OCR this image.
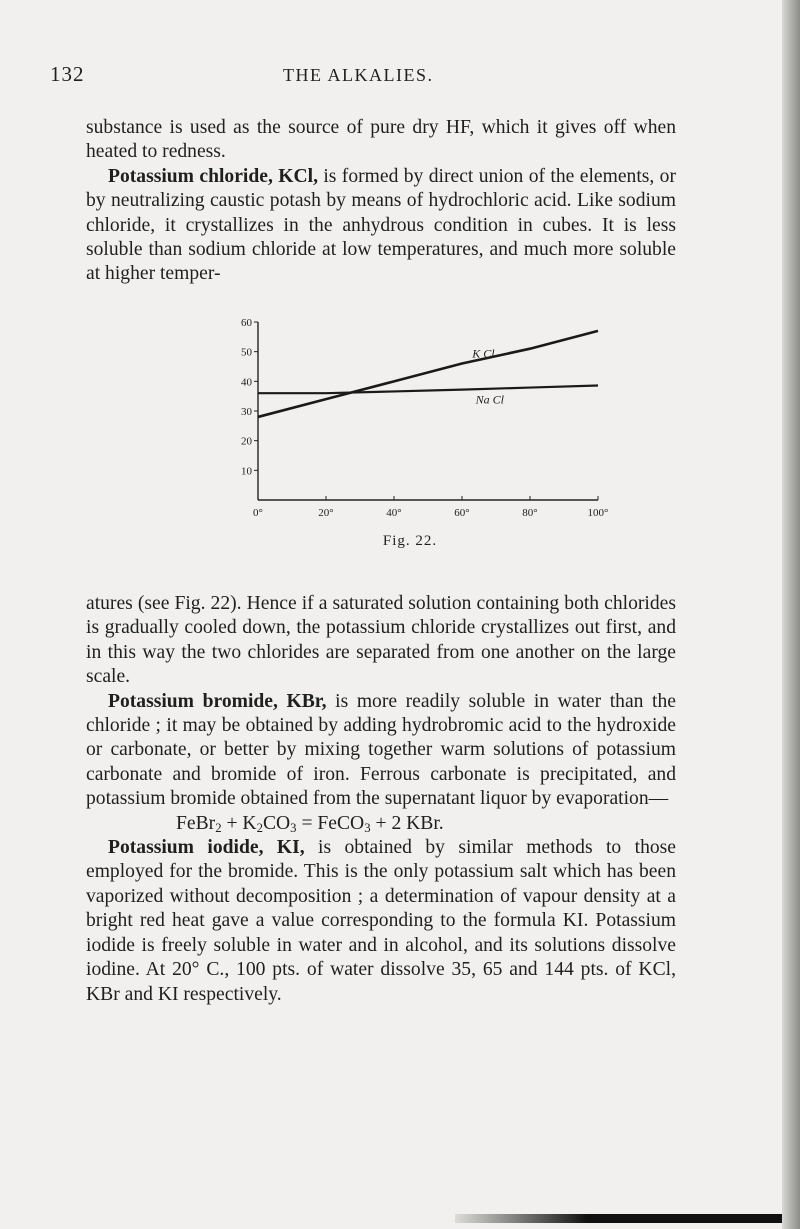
132	THE ALKALIES.

substance is used as the source of pure dry HF, which it gives off when heated to redness.

Potassium chloride, KCl, is formed by direct union of the elements, or by neutralizing caustic potash by means of hydrochloric acid. Like sodium chloride, it crystallizes in the anhydrous condition in cubes. It is less soluble than sodium chloride at low temperatures, and much more soluble at higher temper-

10
20
30
40
50
60
0°	20°	40°	60°	80°	100°
K Cl
Na Cl
Fig. 22.

atures (see Fig. 22). Hence if a saturated solution containing both chlorides is gradually cooled down, the potassium chloride crystallizes out first, and in this way the two chlorides are separated from one another on the large scale.

Potassium bromide, KBr, is more readily soluble in water than the chloride ; it may be obtained by adding hydrobromic acid to the hydroxide or carbonate, or better by mixing together warm solutions of potassium carbonate and bromide of iron. Ferrous carbonate is precipitated, and potassium bromide obtained from the supernatant liquor by evaporation—

FeBr$_2$ + $K_2CO_3$ = FeCO$_3$ + 2 KBr.

Potassium iodide, KI, is obtained by similar methods to those employed for the bromide. This is the only potassium salt which has been vaporized without decomposition ; a determination of vapour density at a bright red heat gave a value corresponding to the formula KI. Potassium iodide is freely soluble in water and in alcohol, and its solutions dissolve iodine. At 20° C., 100 pts. of water dissolve 35, 65 and 144 pts. of KCl, KBr and KI respectively.
